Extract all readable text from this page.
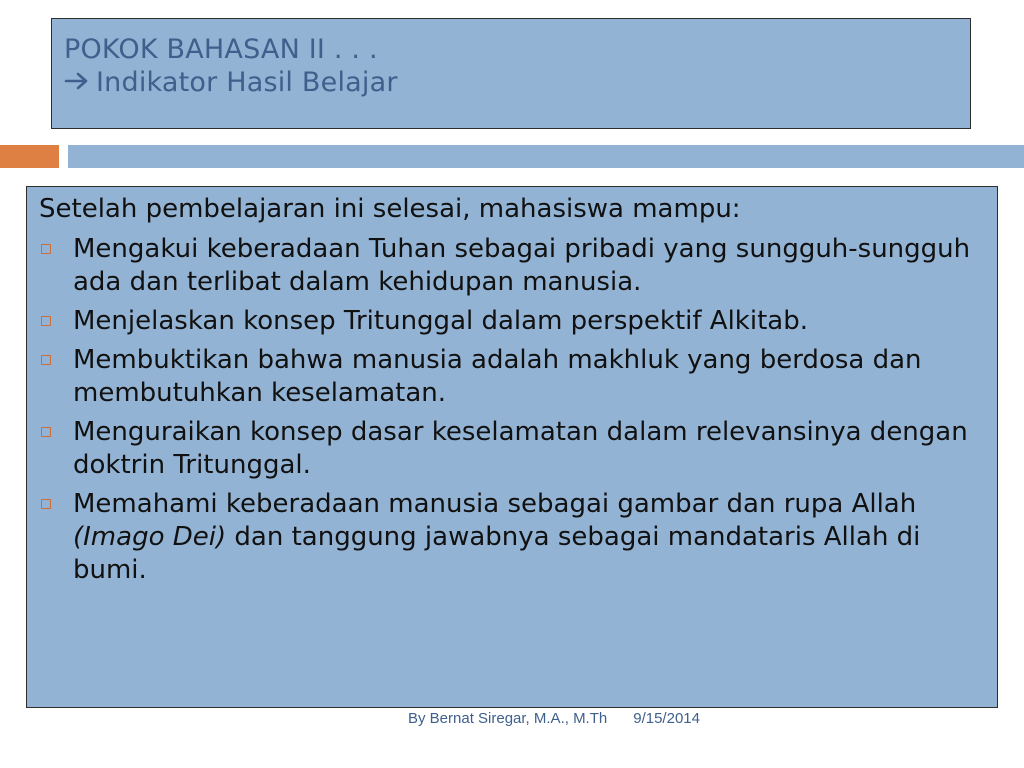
POKOK BAHASAN II . . .
Indikator Hasil Belajar
Setelah pembelajaran ini selesai, mahasiswa mampu:
Mengakui keberadaan Tuhan sebagai pribadi yang sungguh-sungguh ada dan terlibat dalam kehidupan manusia.
Menjelaskan konsep Tritunggal dalam perspektif Alkitab.
Membuktikan bahwa manusia adalah makhluk yang berdosa dan membutuhkan keselamatan.
Menguraikan konsep dasar keselamatan dalam relevansinya dengan doktrin Tritunggal.
Memahami keberadaan manusia sebagai gambar dan rupa Allah (Imago Dei) dan tanggung jawabnya sebagai mandataris Allah di bumi.
By Bernat Siregar, M.A., M.Th 9/15/2014
